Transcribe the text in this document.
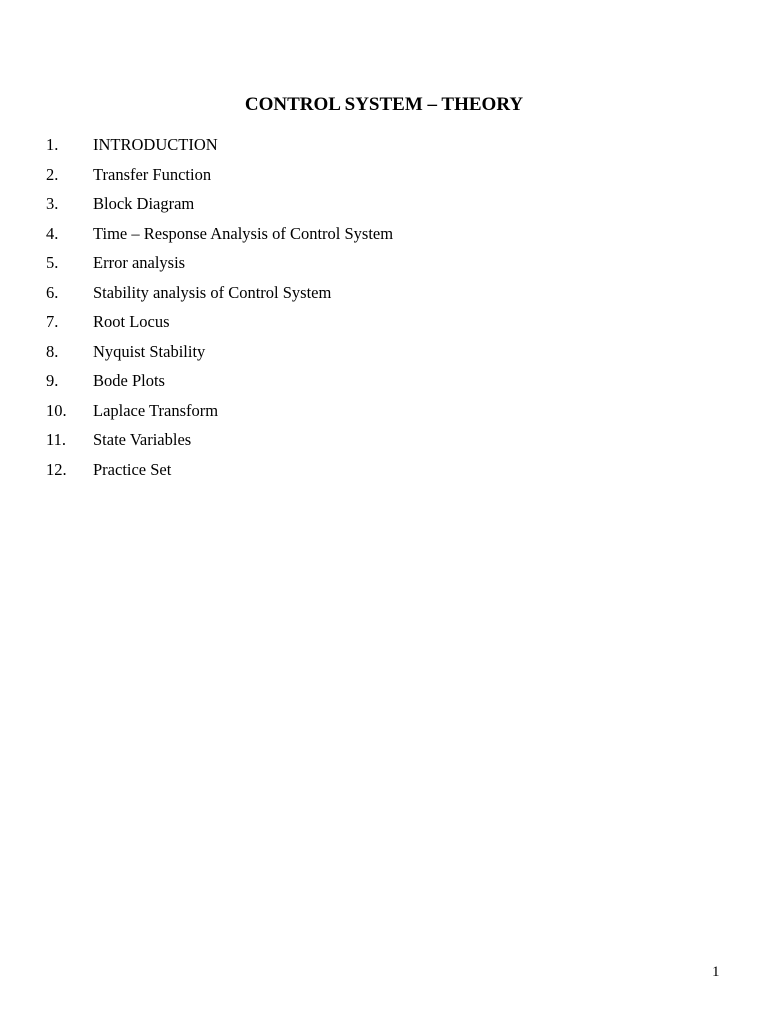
CONTROL SYSTEM – THEORY
1. INTRODUCTION
2. Transfer Function
3. Block Diagram
4. Time – Response Analysis of Control System
5. Error analysis
6. Stability analysis of Control System
7. Root Locus
8. Nyquist Stability
9. Bode Plots
10. Laplace Transform
11. State Variables
12. Practice Set
1
